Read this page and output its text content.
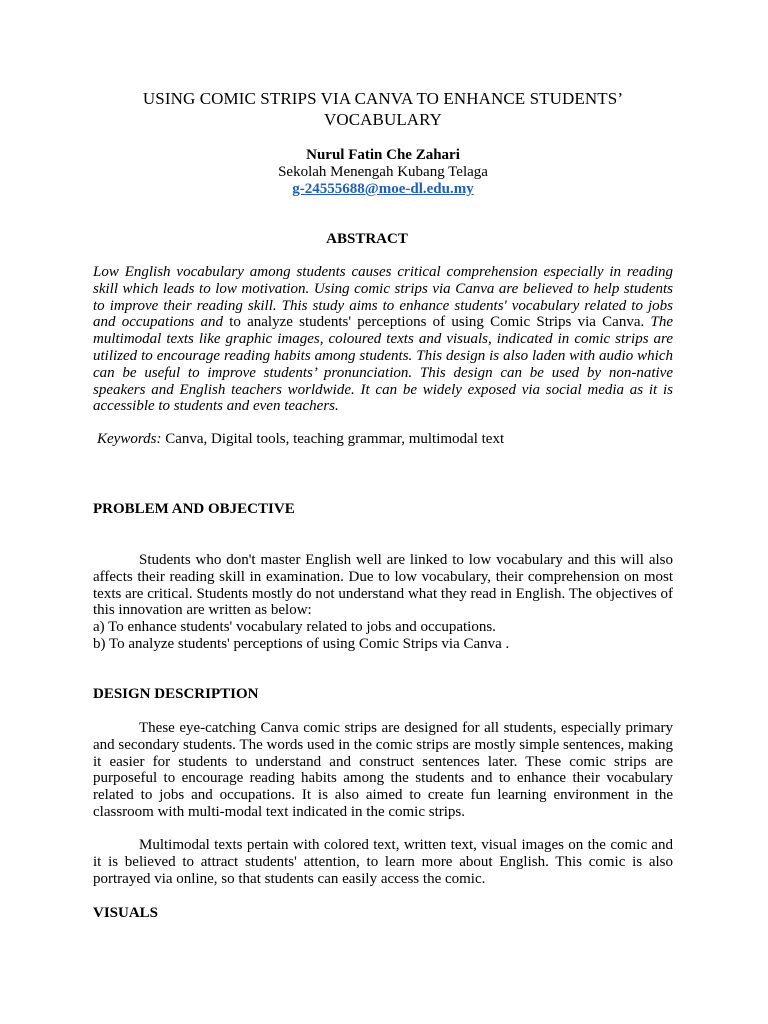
USING COMIC STRIPS VIA CANVA TO ENHANCE STUDENTS’
VOCABULARY
Nurul Fatin Che Zahari
Sekolah Menengah Kubang Telaga
g-24555688@moe-dl.edu.my
ABSTRACT

Low English vocabulary among students causes critical comprehension especially in reading skill which leads to low motivation. Using comic strips via Canva are believed to help students to improve their reading skill. This study aims to enhance students' vocabulary related to jobs and occupations and to analyze students' perceptions of using Comic Strips via Canva. The multimodal texts like graphic images, coloured texts and visuals, indicated in comic strips are utilized to encourage reading habits among students. This design is also laden with audio which can be useful to improve students’ pronunciation. This design can be used by non-native speakers and English teachers worldwide. It can be widely exposed via social media as it is accessible to students and even teachers.

Keywords: Canva, Digital tools, teaching grammar, multimodal text

PROBLEM AND OBJECTIVE

Students who don't master English well are linked to low vocabulary and this will also affects their reading skill in examination. Due to low vocabulary, their comprehension on most texts are critical. Students mostly do not understand what they read in English. The objectives of this innovation are written as below:

a) To enhance students' vocabulary related to jobs and occupations.
b) To analyze students' perceptions of using Comic Strips via Canva .

DESIGN DESCRIPTION

These eye-catching Canva comic strips are designed for all students, especially primary and secondary students. The words used in the comic strips are mostly simple sentences, making it easier for students to understand and construct sentences later. These comic strips are purposeful to encourage reading habits among the students and to enhance their vocabulary related to jobs and occupations. It is also aimed to create fun learning environment in the classroom with multi-modal text indicated in the comic strips.

Multimodal texts pertain with colored text, written text, visual images on the comic and it is believed to attract students' attention, to learn more about English. This comic is also portrayed via online, so that students can easily access the comic.

VISUALS
